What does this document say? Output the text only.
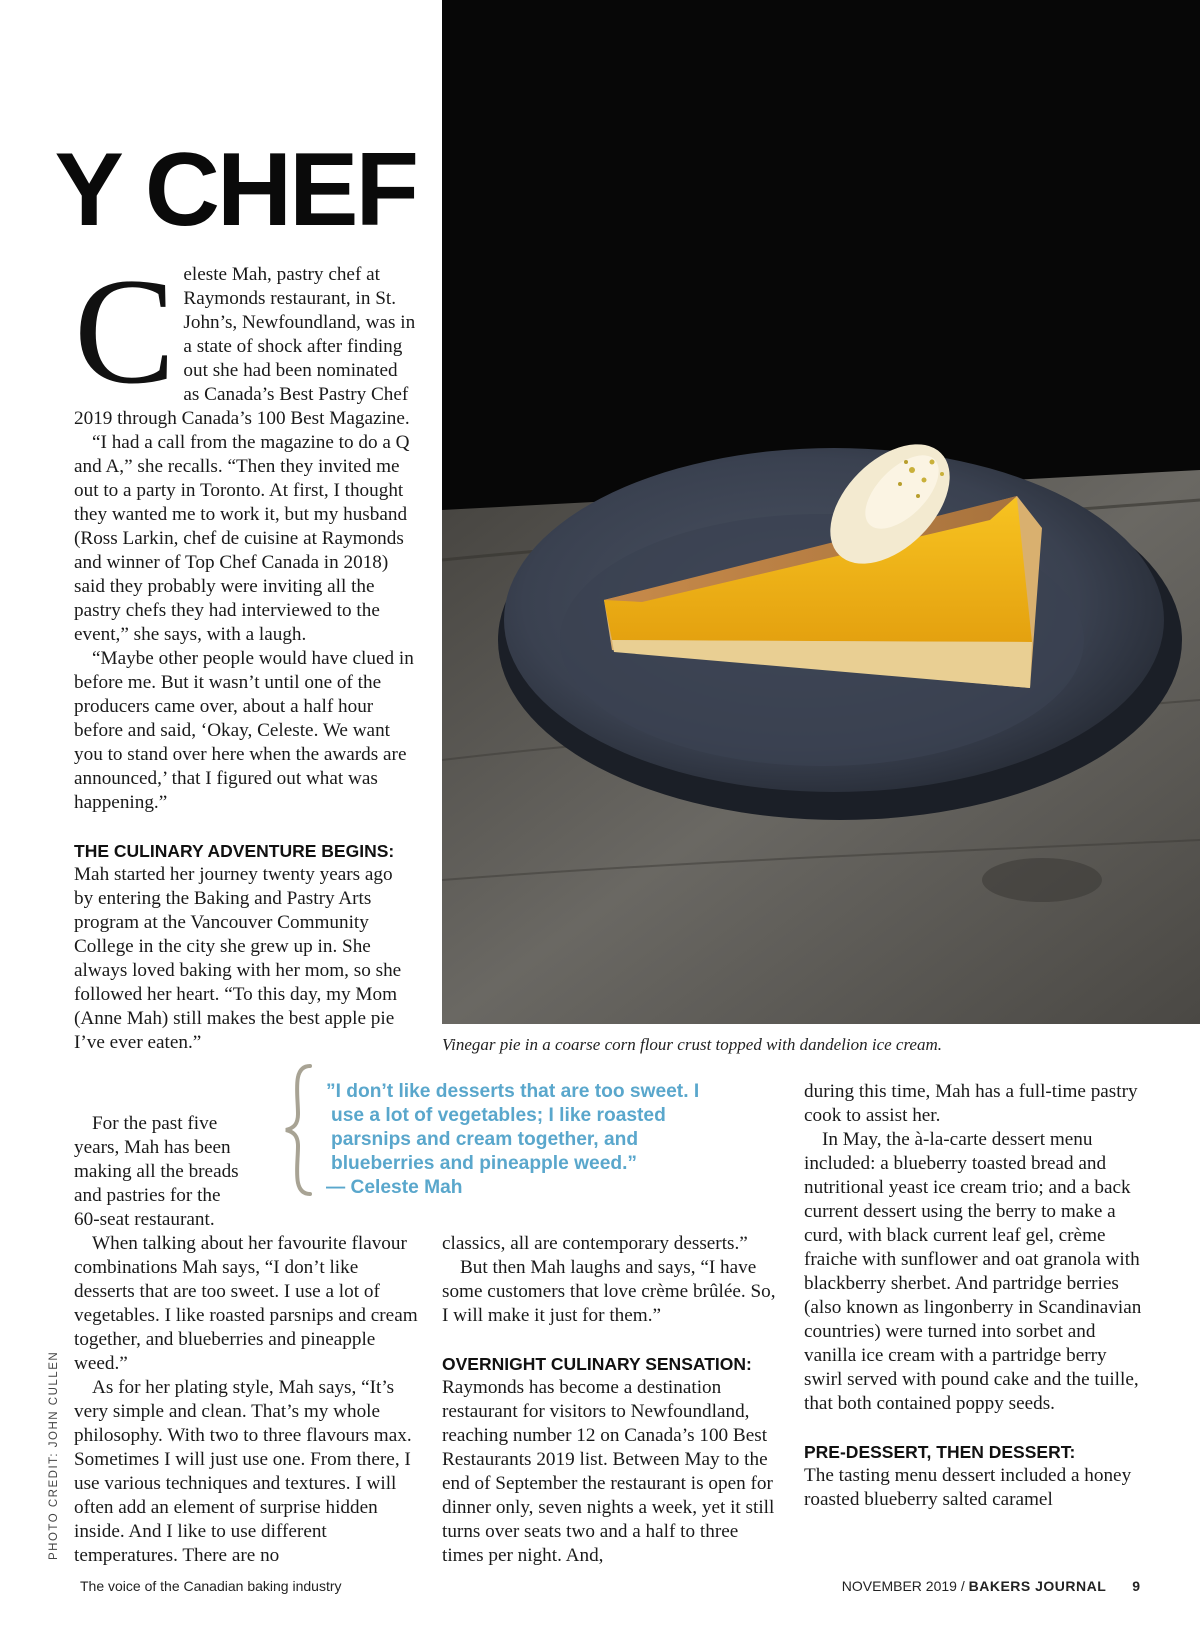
Y CHEF

Celeste Mah, pastry chef at Raymonds restaurant, in St. John’s, Newfoundland, was in a state of shock after finding out she had been nominated as Canada’s Best Pastry Chef 2019 through Canada’s 100 Best Magazine.

“I had a call from the magazine to do a Q and A,” she recalls. “Then they invited me out to a party in Toronto. At first, I thought they wanted me to work it, but my husband (Ross Larkin, chef de cuisine at Raymonds and winner of Top Chef Canada in 2018) said they probably were inviting all the pastry chefs they had interviewed to the event,” she says, with a laugh.

“Maybe other people would have clued in before me. But it wasn’t until one of the producers came over, about a half hour before and said, ‘Okay, Celeste. We want you to stand over here when the awards are announced,’ that I figured out what was happening.”

THE CULINARY ADVENTURE BEGINS:

Mah started her journey twenty years ago by entering the Baking and Pastry Arts program at the Vancouver Community College in the city she grew up in. She always loved baking with her mom, so she followed her heart. “To this day, my Mom (Anne Mah) still makes the best apple pie I’ve ever eaten.”

For the past five years, Mah has been making all the breads and pastries for the 60-seat restaurant.

When talking about her favourite flavour combinations Mah says, “I don’t like desserts that are too sweet. I use a lot of vegetables. I like roasted parsnips and cream together, and blueberries and pineapple weed.”

As for her plating style, Mah says, “It’s very simple and clean. That’s my whole philosophy. With two to three flavours max. Sometimes I will just use one. From there, I use various techniques and textures. I will often add an element of surprise hidden inside. And I like to use different temperatures. There are no

Vinegar pie in a coarse corn flour crust topped with dandelion ice cream.
”I don’t like desserts that are too sweet. I
use a lot of vegetables; I like roasted
parsnips and cream together, and
blueberries and pineapple weed.”
— Celeste Mah

classics, all are contemporary desserts.”

But then Mah laughs and says, “I have some customers that love crème brûlée. So, I will make it just for them.”

OVERNIGHT CULINARY SENSATION:

Raymonds has become a destination restaurant for visitors to Newfoundland, reaching number 12 on Canada’s 100 Best Restaurants 2019 list. Between May to the end of September the restaurant is open for dinner only, seven nights a week, yet it still turns over seats two and a half to three times per night. And,

during this time, Mah has a full-time pastry cook to assist her.

In May, the à-la-carte dessert menu included: a blueberry toasted bread and nutritional yeast ice cream trio; and a back current dessert using the berry to make a curd, with black current leaf gel, crème fraiche with sunflower and oat granola with blackberry sherbet. And partridge berries (also known as lingonberry in Scandinavian countries) were turned into sorbet and vanilla ice cream with a partridge berry swirl served with pound cake and the tuille, that both contained poppy seeds.

PRE-DESSERT, THEN DESSERT:

The tasting menu dessert included a honey roasted blueberry salted caramel

PHOTO CREDIT: JOHN CULLEN
The voice of the Canadian baking industry	NOVEMBER 2019 / BAKERS JOURNAL 9
